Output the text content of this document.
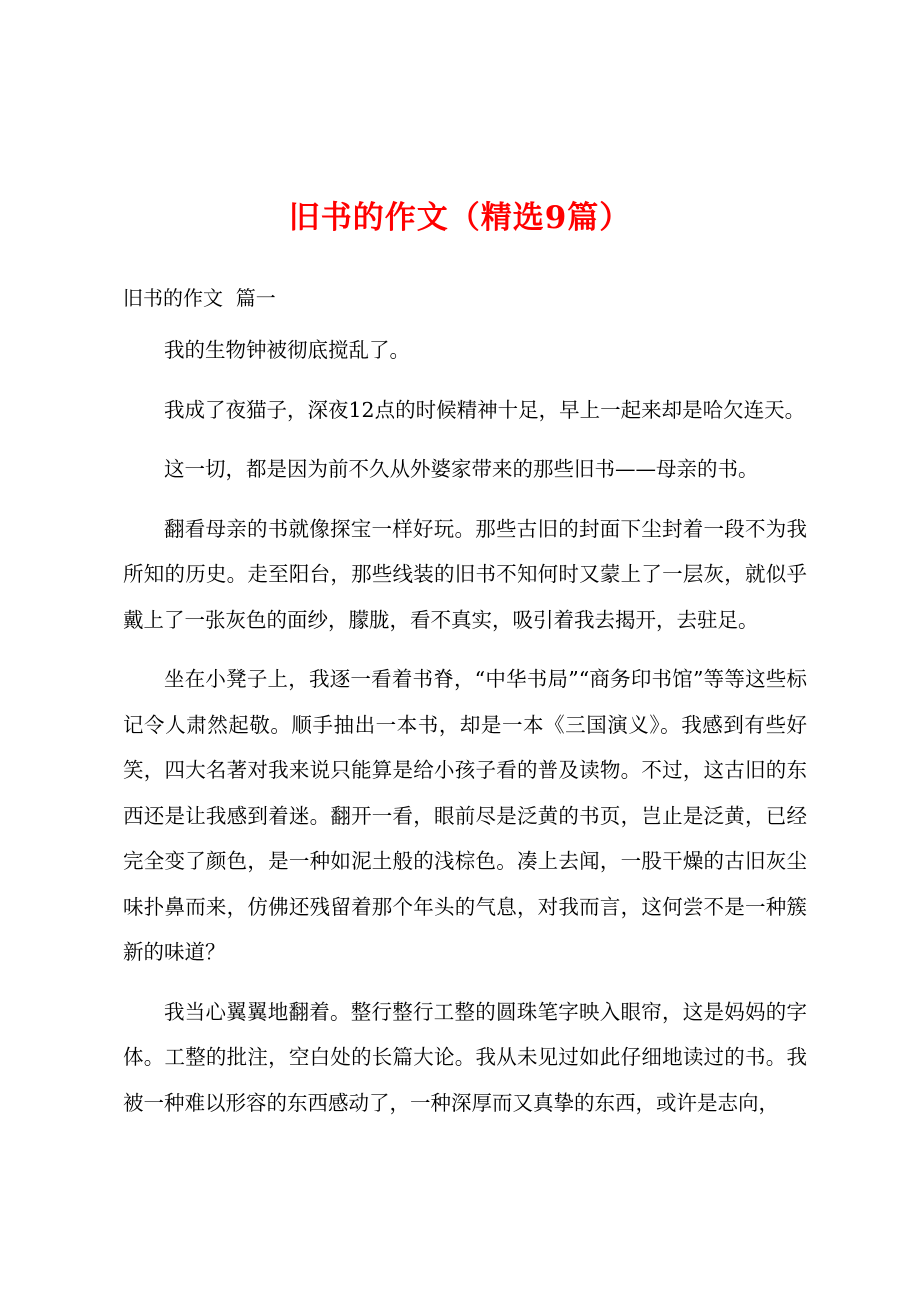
旧书的作文（精选9篇）
旧书的作文  篇一

我的生物钟被彻底搅乱了。

我成了夜猫子，深夜12点的时候精神十足，早上一起来却是哈欠连天。

这一切，都是因为前不久从外婆家带来的那些旧书——母亲的书。

翻看母亲的书就像探宝一样好玩。那些古旧的封面下尘封着一段不为我所知的历史。走至阳台，那些线装的旧书不知何时又蒙上了一层灰，就似乎戴上了一张灰色的面纱，朦胧，看不真实，吸引着我去揭开，去驻足。

坐在小凳子上，我逐一看着书脊，“中华书局”“商务印书馆”等等这些标记令人肃然起敬。顺手抽出一本书，却是一本《三国演义》。我感到有些好笑，四大名著对我来说只能算是给小孩子看的普及读物。不过，这古旧的东西还是让我感到着迷。翻开一看，眼前尽是泛黄的书页，岂止是泛黄，已经完全变了颜色，是一种如泥土般的浅棕色。凑上去闻，一股干燥的古旧灰尘味扑鼻而来，仿佛还残留着那个年头的气息，对我而言，这何尝不是一种簇新的味道？

我当心翼翼地翻着。整行整行工整的圆珠笔字映入眼帘，这是妈妈的字体。工整的批注，空白处的长篇大论。我从未见过如此仔细地读过的书。我被一种难以形容的东西感动了，一种深厚而又真挚的东西，或许是志向，
